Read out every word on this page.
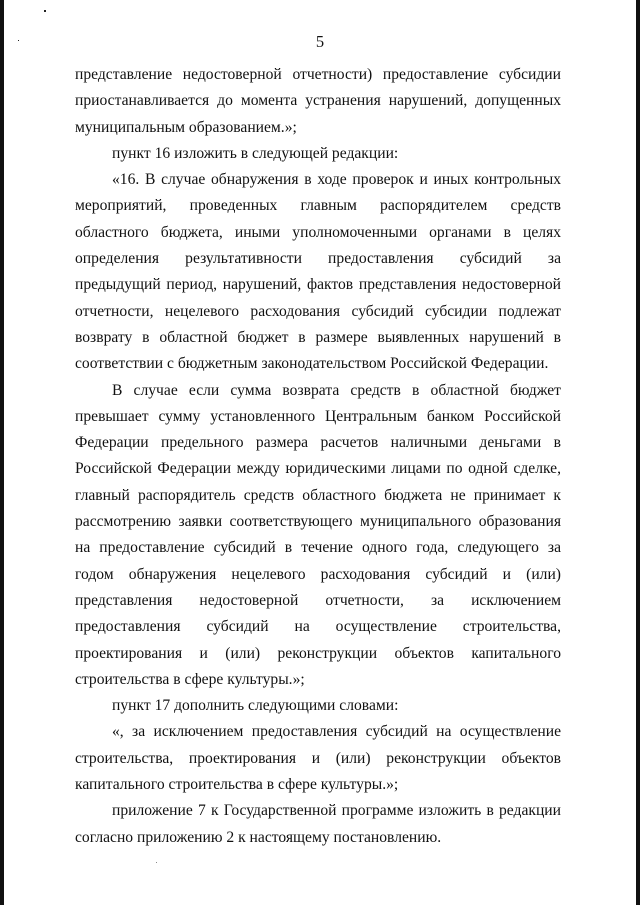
5

представление недостоверной отчетности) предоставление субсидии приостанавливается до момента устранения нарушений, допущенных муниципальным образованием.»;

пункт 16 изложить в следующей редакции:

«16. В случае обнаружения в ходе проверок и иных контрольных мероприятий, проведенных главным распорядителем средств областного бюджета, иными уполномоченными органами в целях определения результативности предоставления субсидий за предыдущий период, нарушений, фактов представления недостоверной отчетности, нецелевого расходования субсидий субсидии подлежат возврату в областной бюджет в размере выявленных нарушений в соответствии с бюджетным законодательством Российской Федерации.

В случае если сумма возврата средств в областной бюджет превышает сумму установленного Центральным банком Российской Федерации предельного размера расчетов наличными деньгами в Российской Федерации между юридическими лицами по одной сделке, главный распорядитель средств областного бюджета не принимает к рассмотрению заявки соответствующего муниципального образования на предоставление субсидий в течение одного года, следующего за годом обнаружения нецелевого расходования субсидий и (или) представления недостоверной отчетности, за исключением предоставления субсидий на осуществление строительства, проектирования и (или) реконструкции объектов капитального строительства в сфере культуры.»;

пункт 17 дополнить следующими словами:

«, за исключением предоставления субсидий на осуществление строительства, проектирования и (или) реконструкции объектов капитального строительства в сфере культуры.»;

приложение 7 к Государственной программе изложить в редакции согласно приложению 2 к настоящему постановлению.
